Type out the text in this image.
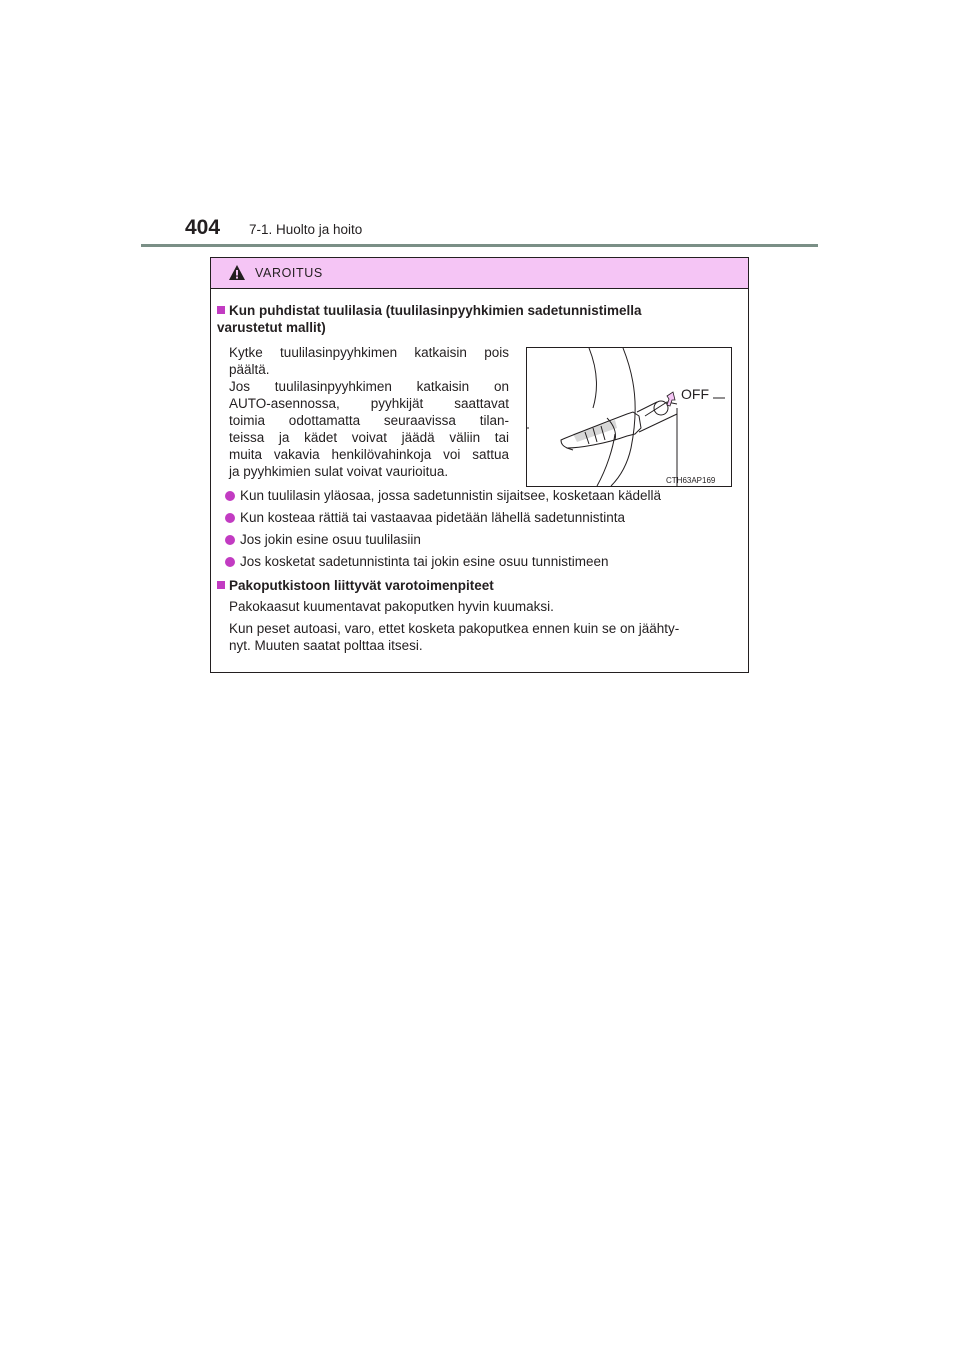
404 7-1. Huolto ja hoito
VAROITUS
Kun puhdistat tuulilasia (tuulilasinpyyhkimien sadetunnistimella
varustetut mallit)
Kytke tuulilasinpyyhkimen katkaisin pois
päältä.
Jos tuulilasinpyyhkimen katkaisin on
AUTO-asennossa, pyyhkijät saattavat
toimia odottamatta seuraavissa tilan-
teissa ja kädet voivat jäädä väliin tai
muita vakavia henkilövahinkoja voi sattua
ja pyyhkimien sulat voivat vaurioitua.
OFF
CTH63AP169
Kun tuulilasin yläosaa, jossa sadetunnistin sijaitsee, kosketaan kädellä
Kun kosteaa rättiä tai vastaavaa pidetään lähellä sadetunnistinta
Jos jokin esine osuu tuulilasiin
Jos kosketat sadetunnistinta tai jokin esine osuu tunnistimeen
Pakoputkistoon liittyvät varotoimenpiteet

Pakokaasut kuumentavat pakoputken hyvin kuumaksi.

Kun peset autoasi, varo, ettet kosketa pakoputkea ennen kuin se on jäähty-

nyt. Muuten saatat polttaa itsesi.
